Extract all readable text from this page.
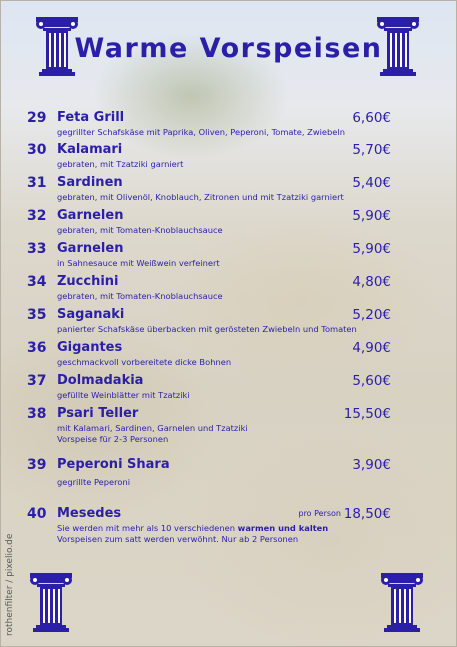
Warme Vorspeisen
29 Feta Grill	6,60€
gegrillter Schafskäse mit Paprika, Oliven, Peperoni, Tomate, Zwiebeln
30 Kalamari	5,70€
gebraten, mit Tzatziki garniert
31 Sardinen	5,40€
gebraten, mit Olivenöl, Knoblauch, Zitronen und mit Tzatziki garniert
32 Garnelen	5,90€
gebraten, mit Tomaten-Knoblauchsauce
33 Garnelen	5,90€
in Sahnesauce mit Weißwein verfeinert
34 Zucchini	4,80€
gebraten, mit Tomaten-Knoblauchsauce
35 Saganaki	5,20€
panierter Schafskäse überbacken mit gerösteten Zwiebeln und Tomaten
36 Gigantes	4,90€
geschmackvoll vorbereitete dicke Bohnen
37 Dolmadakia	5,60€
gefüllte Weinblätter mit Tzatziki
38 Psari Teller	15,50€
mit Kalamari, Sardinen, Garnelen und Tzatziki
Vorspeise für 2-3 Personen
39 Peperoni Shara	3,90€
gegrillte Peperoni
40 Mesedes	pro Person 18,50€
Sie werden mit mehr als 10 verschiedenen warmen und kalten
Vorspeisen zum satt werden verwöhnt. Nur ab 2 Personen
rothenfilter / pixelio.de
